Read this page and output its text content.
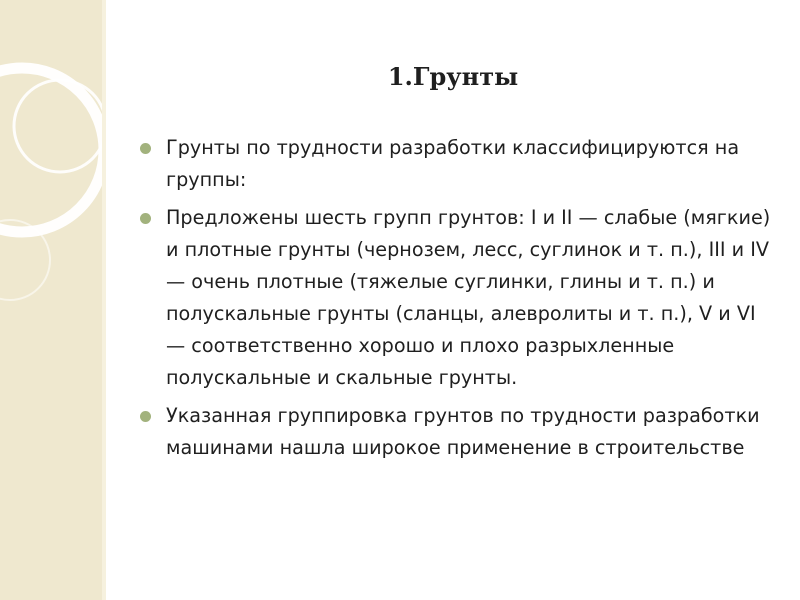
1.Грунты
Грунты по трудности разработки классифицируются на группы:
Предложены шесть групп грунтов: I и II — слабые (мягкие) и плотные грунты (чернозем, лесс, суглинок и т. п.), III и IV — очень плотные (тяжелые суглинки, глины и т. п.) и полускальные грунты (сланцы, алевролиты и т. п.), V и VI — соответственно хорошо и плохо разрыхленные полускальные и скальные грунты.
Указанная группировка грунтов по трудности разработки машинами нашла широкое применение в строительстве
